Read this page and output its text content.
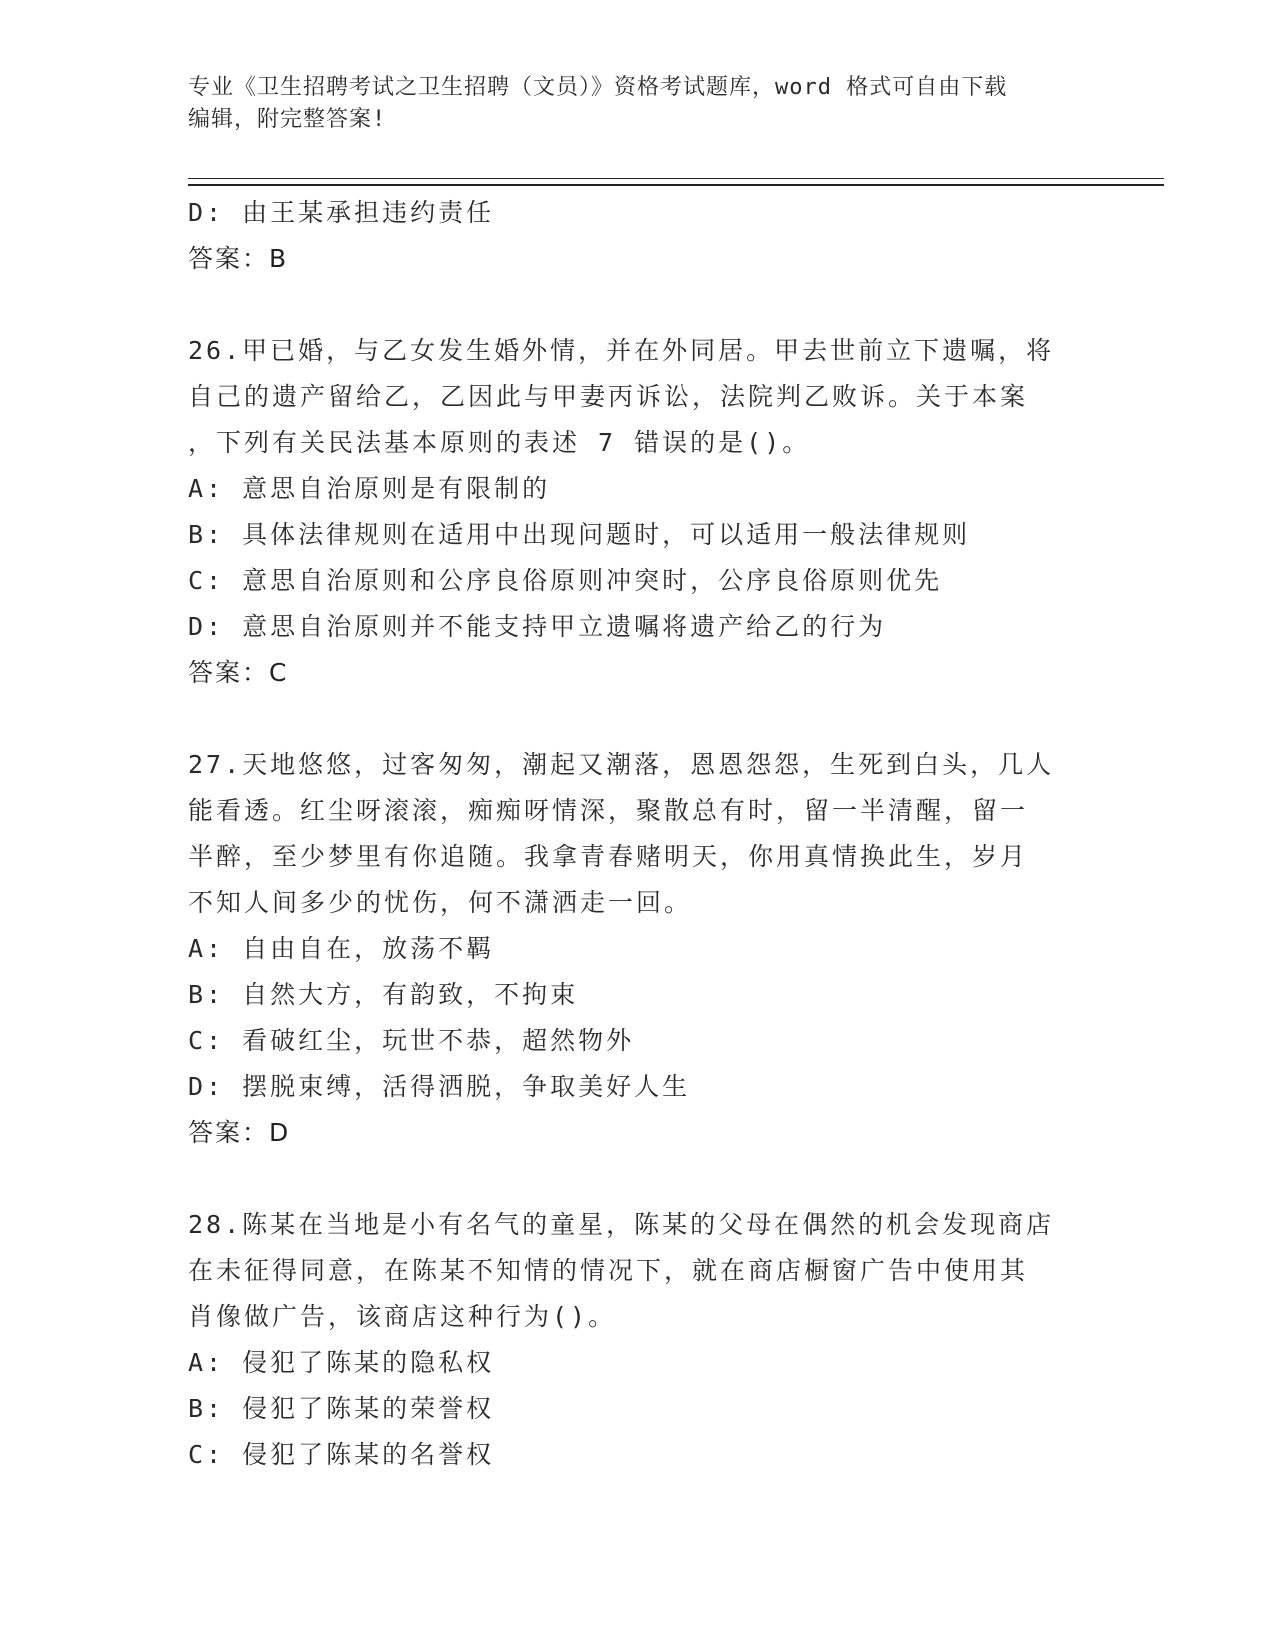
专业《卫生招聘考试之卫生招聘（文员）》资格考试题库，word 格式可自由下载
编辑，附完整答案!
D: 由王某承担违约责任
答案：B
26.甲已婚，与乙女发生婚外情，并在外同居。甲去世前立下遗嘱，将
自己的遗产留给乙，乙因此与甲妻丙诉讼，法院判乙败诉。关于本案
，下列有关民法基本原则的表述 7 错误的是()。
A: 意思自治原则是有限制的
B: 具体法律规则在适用中出现问题时，可以适用一般法律规则
C: 意思自治原则和公序良俗原则冲突时，公序良俗原则优先
D: 意思自治原则并不能支持甲立遗嘱将遗产给乙的行为
答案：C
27.天地悠悠，过客匆匆，潮起又潮落，恩恩怨怨，生死到白头，几人
能看透。红尘呀滚滚，痴痴呀情深，聚散总有时，留一半清醒，留一
半醉，至少梦里有你追随。我拿青春赌明天，你用真情换此生，岁月
不知人间多少的忧伤，何不潇洒走一回。
A: 自由自在，放荡不羁
B: 自然大方，有韵致，不拘束
C: 看破红尘，玩世不恭，超然物外
D: 摆脱束缚，活得洒脱，争取美好人生
答案：D
28.陈某在当地是小有名气的童星，陈某的父母在偶然的机会发现商店
在未征得同意，在陈某不知情的情况下，就在商店橱窗广告中使用其
肖像做广告，该商店这种行为()。
A: 侵犯了陈某的隐私权
B: 侵犯了陈某的荣誉权
C: 侵犯了陈某的名誉权
